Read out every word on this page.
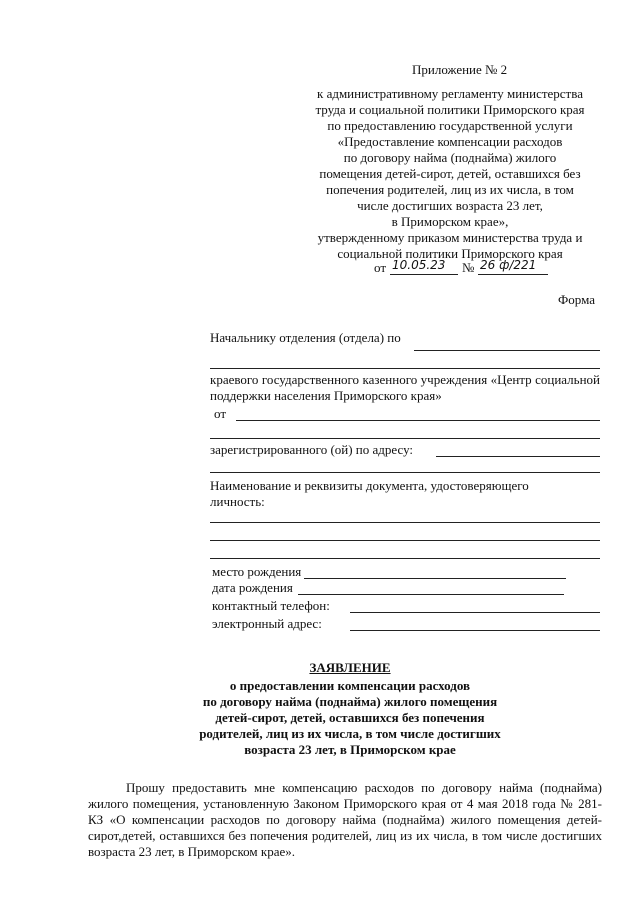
Приложение № 2
к административному регламенту министерства
труда и социальной политики Приморского края
по предоставлению государственной услуги
«Предоставление компенсации расходов
по договору найма (поднайма) жилого
помещения детей-сирот, детей, оставшихся без
попечения родителей, лиц из их числа, в том
числе достигших возраста 23 лет,
в Приморском крае»,
утвержденному приказом министерства труда и
социальной политики Приморского края
от 10.05.23 № 26 ф/221
Форма
Начальнику отделения (отдела) по
краевого государственного казенного учреждения «Центр социальной поддержки населения Приморского края»
от
зарегистрированного (ой) по адресу:
Наименование и реквизиты документа, удостоверяющего личность:
место рождения
дата рождения
контактный телефон:
электронный адрес:
ЗАЯВЛЕНИЕ
о предоставлении компенсации расходов
по договору найма (поднайма) жилого помещения
детей-сирот, детей, оставшихся без попечения
родителей, лиц из их числа, в том числе достигших
возраста 23 лет, в Приморском крае
Прошу предоставить мне компенсацию расходов по договору найма (поднайма) жилого помещения, установленную Законом Приморского края от 4 мая 2018 года № 281-КЗ «О компенсации расходов по договору найма (поднайма) жилого помещения детей-сирот,детей, оставшихся без попечения родителей, лиц из их числа, в том числе достигших возраста 23 лет, в Приморском крае».
